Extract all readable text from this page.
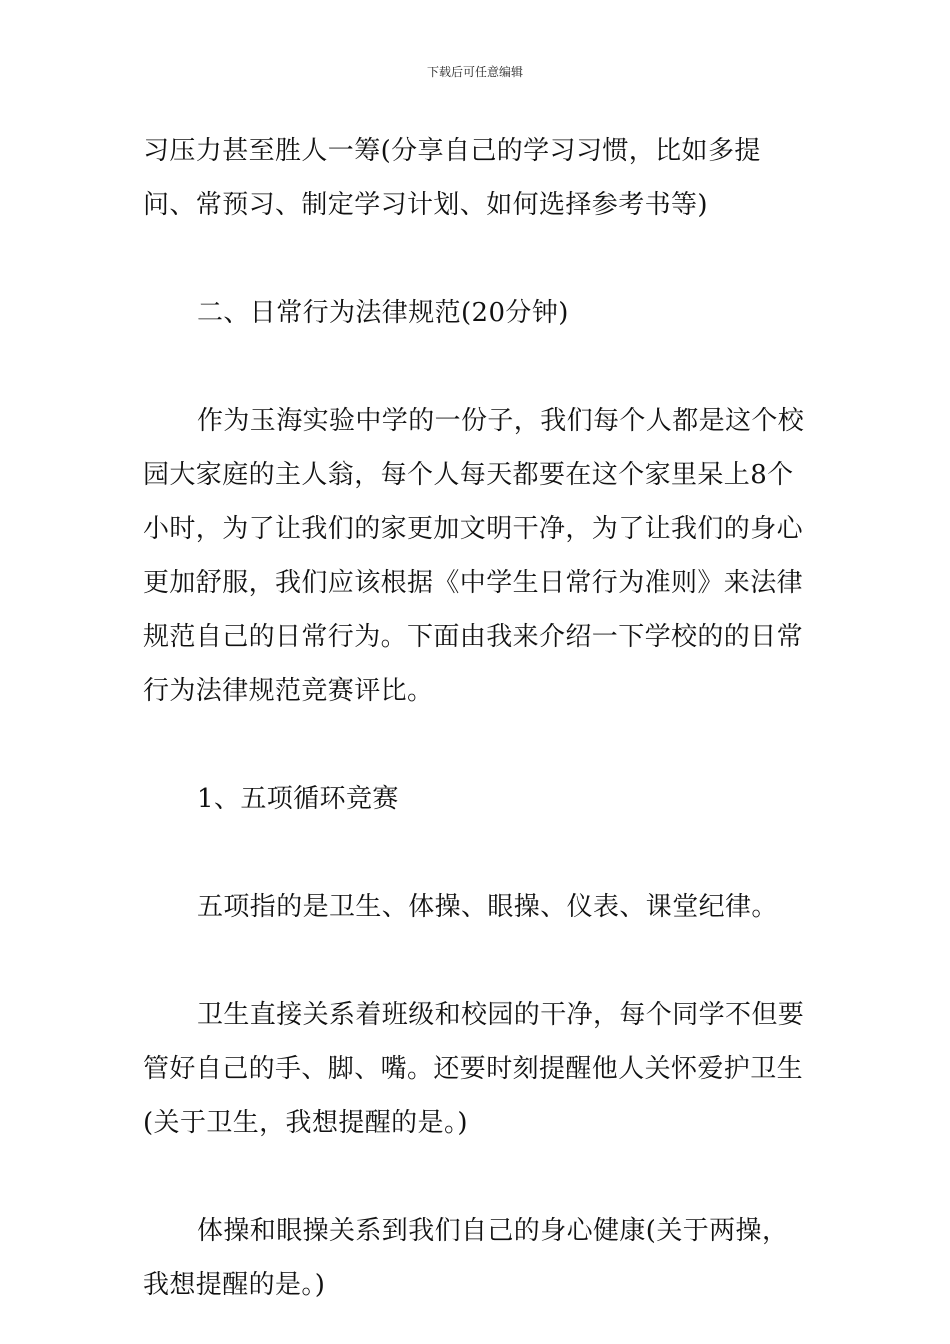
下载后可任意编辑

习压力甚至胜人一筹(分享自己的学习习惯，比如多提问、常预习、制定学习计划、如何选择参考书等)

二、日常行为法律规范(20分钟)

作为玉海实验中学的一份子，我们每个人都是这个校园大家庭的主人翁，每个人每天都要在这个家里呆上8个小时，为了让我们的家更加文明干净，为了让我们的身心更加舒服，我们应该根据《中学生日常行为准则》来法律规范自己的日常行为。下面由我来介绍一下学校的的日常行为法律规范竞赛评比。

1、五项循环竞赛

五项指的是卫生、体操、眼操、仪表、课堂纪律。

卫生直接关系着班级和校园的干净，每个同学不但要管好自己的手、脚、嘴。还要时刻提醒他人关怀爱护卫生(关于卫生，我想提醒的是。)

体操和眼操关系到我们自己的身心健康(关于两操，我想提醒的是。)
